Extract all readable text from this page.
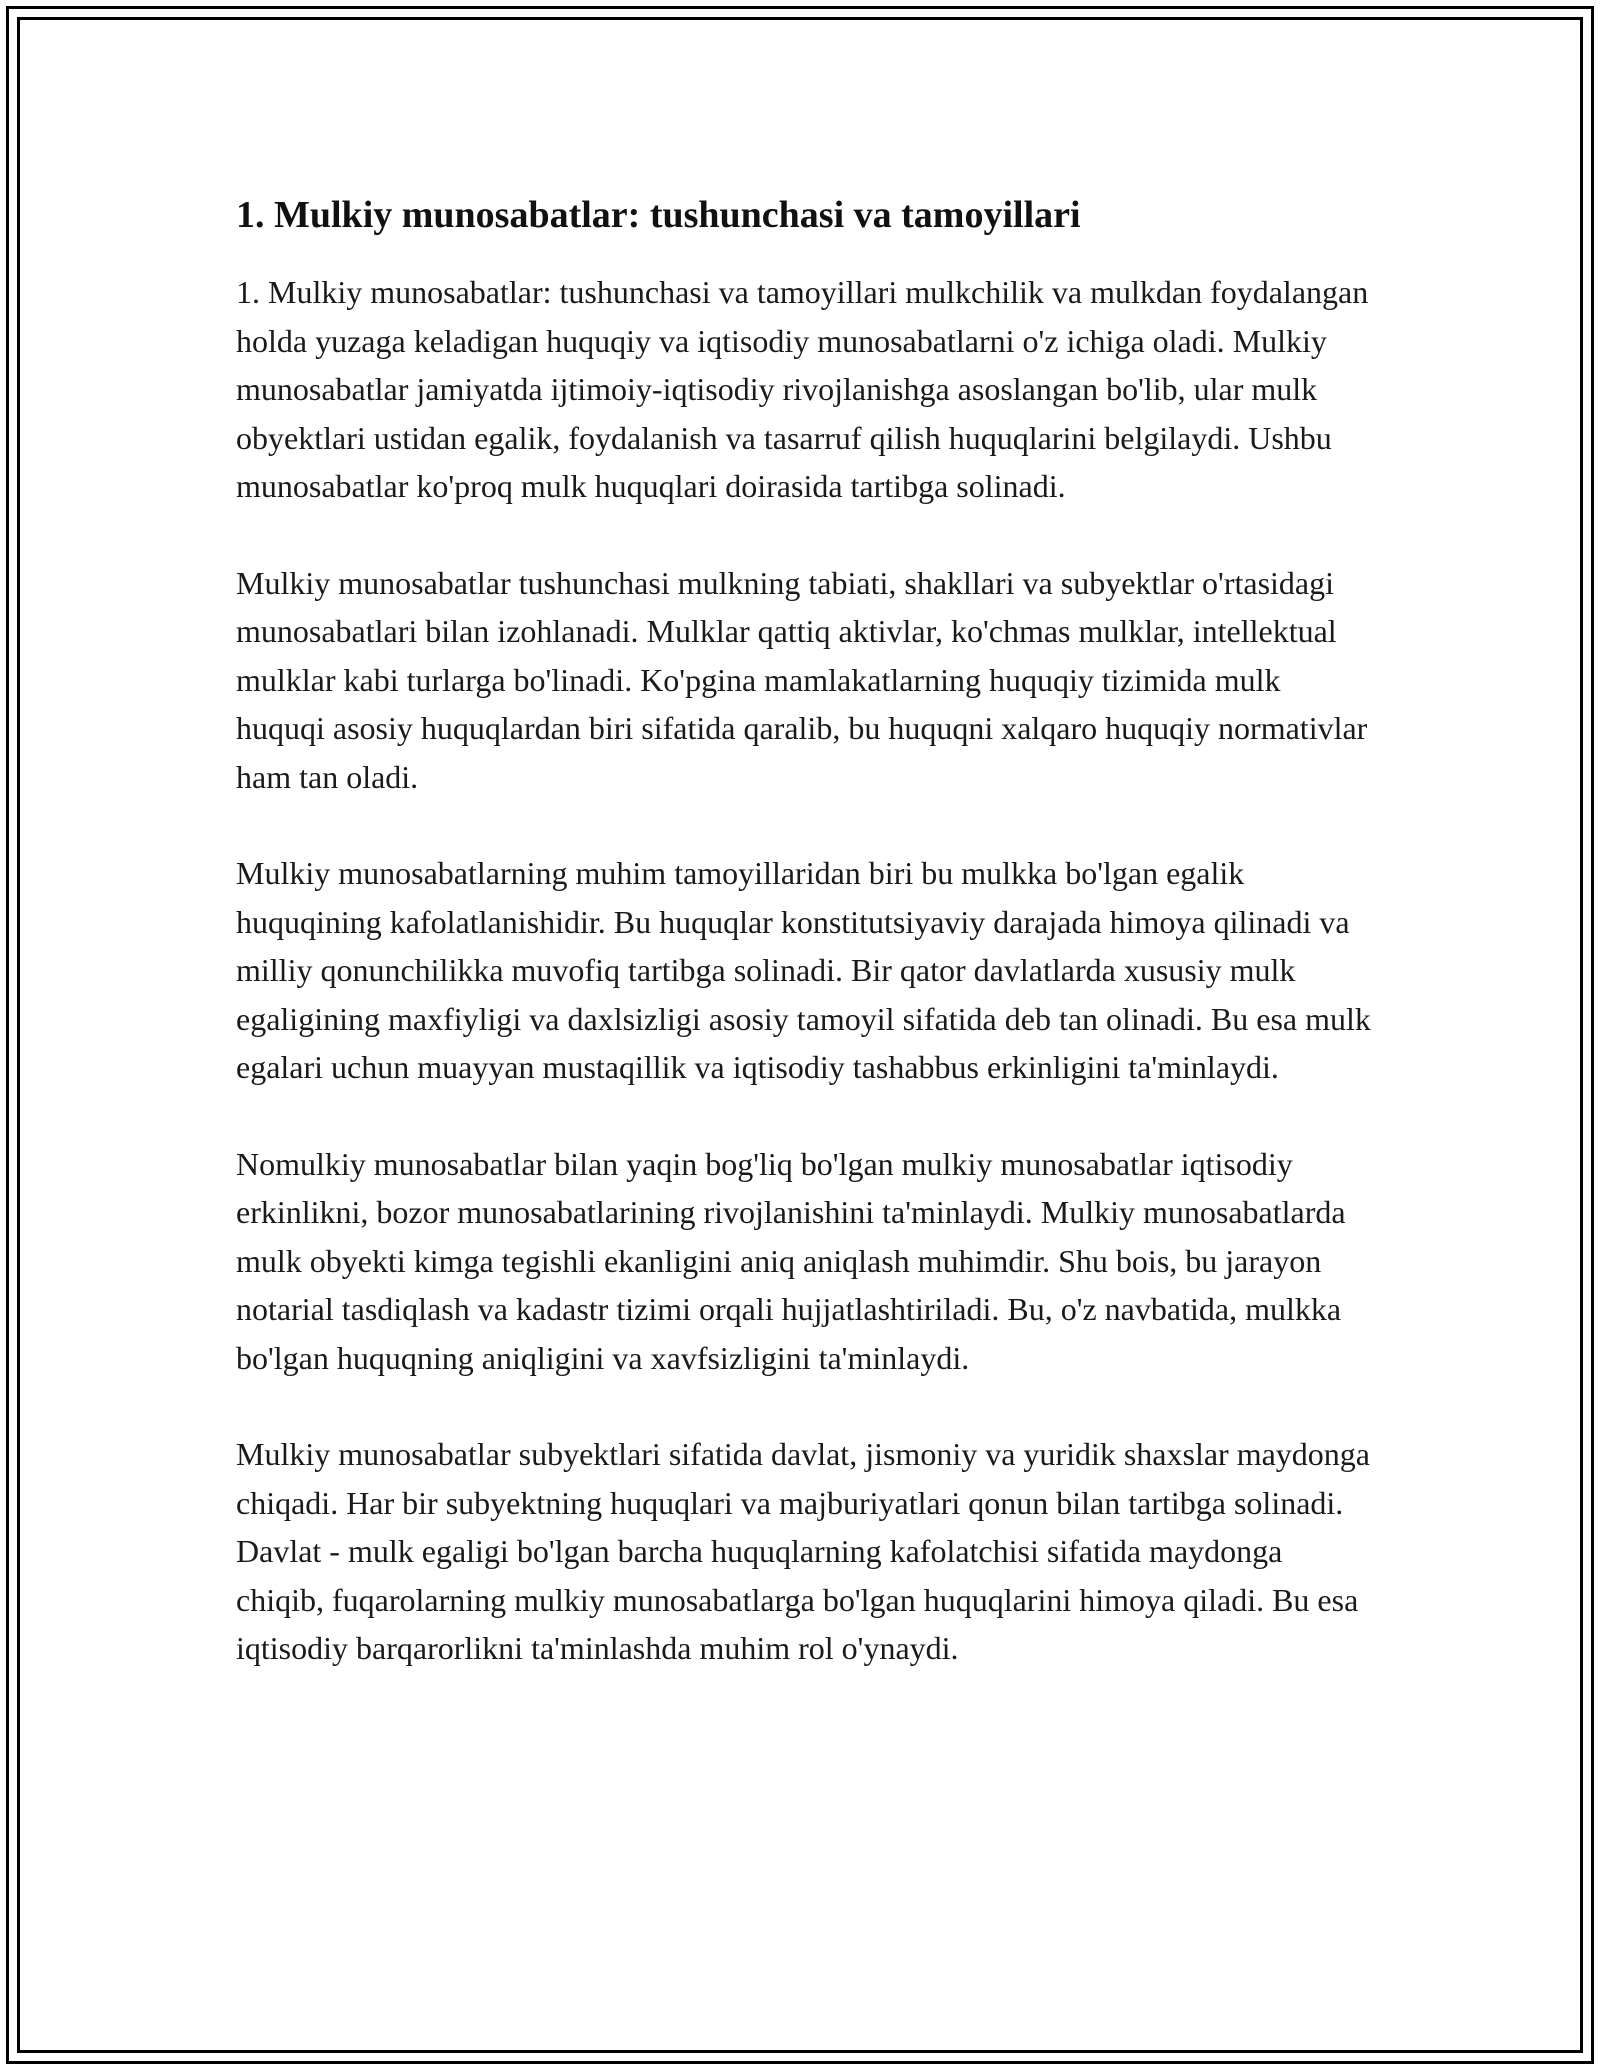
1. Mulkiy munosabatlar: tushunchasi va tamoyillari

1. Mulkiy munosabatlar: tushunchasi va tamoyillari mulkchilik va mulkdan foydalangan holda yuzaga keladigan huquqiy va iqtisodiy munosabatlarni o'z ichiga oladi. Mulkiy munosabatlar jamiyatda ijtimoiy-iqtisodiy rivojlanishga asoslangan bo'lib, ular mulk obyektlari ustidan egalik, foydalanish va tasarruf qilish huquqlarini belgilaydi. Ushbu munosabatlar ko'proq mulk huquqlari doirasida tartibga solinadi.

Mulkiy munosabatlar tushunchasi mulkning tabiati, shakllari va subyektlar o'rtasidagi munosabatlari bilan izohlanadi. Mulklar qattiq aktivlar, ko'chmas mulklar, intellektual mulklar kabi turlarga bo'linadi. Ko'pgina mamlakatlarning huquqiy tizimida mulk huquqi asosiy huquqlardan biri sifatida qaralib, bu huquqni xalqaro huquqiy normativlar ham tan oladi.

Mulkiy munosabatlarning muhim tamoyillaridan biri bu mulkka bo'lgan egalik huquqining kafolatlanishidir. Bu huquqlar konstitutsiyaviy darajada himoya qilinadi va milliy qonunchilikka muvofiq tartibga solinadi. Bir qator davlatlarda xususiy mulk egaligining maxfiyligi va daxlsizligi asosiy tamoyil sifatida deb tan olinadi. Bu esa mulk egalari uchun muayyan mustaqillik va iqtisodiy tashabbus erkinligini ta'minlaydi.

Nomulkiy munosabatlar bilan yaqin bog'liq bo'lgan mulkiy munosabatlar iqtisodiy erkinlikni, bozor munosabatlarining rivojlanishini ta'minlaydi. Mulkiy munosabatlarda mulk obyekti kimga tegishli ekanligini aniq aniqlash muhimdir. Shu bois, bu jarayon notarial tasdiqlash va kadastr tizimi orqali hujjatlashtiriladi. Bu, o'z navbatida, mulkka bo'lgan huquqning aniqligini va xavfsizligini ta'minlaydi.

Mulkiy munosabatlar subyektlari sifatida davlat, jismoniy va yuridik shaxslar maydonga chiqadi. Har bir subyektning huquqlari va majburiyatlari qonun bilan tartibga solinadi. Davlat - mulk egaligi bo'lgan barcha huquqlarning kafolatchisi sifatida maydonga chiqib, fuqarolarning mulkiy munosabatlarga bo'lgan huquqlarini himoya qiladi. Bu esa iqtisodiy barqarorlikni ta'minlashda muhim rol o'ynaydi.
